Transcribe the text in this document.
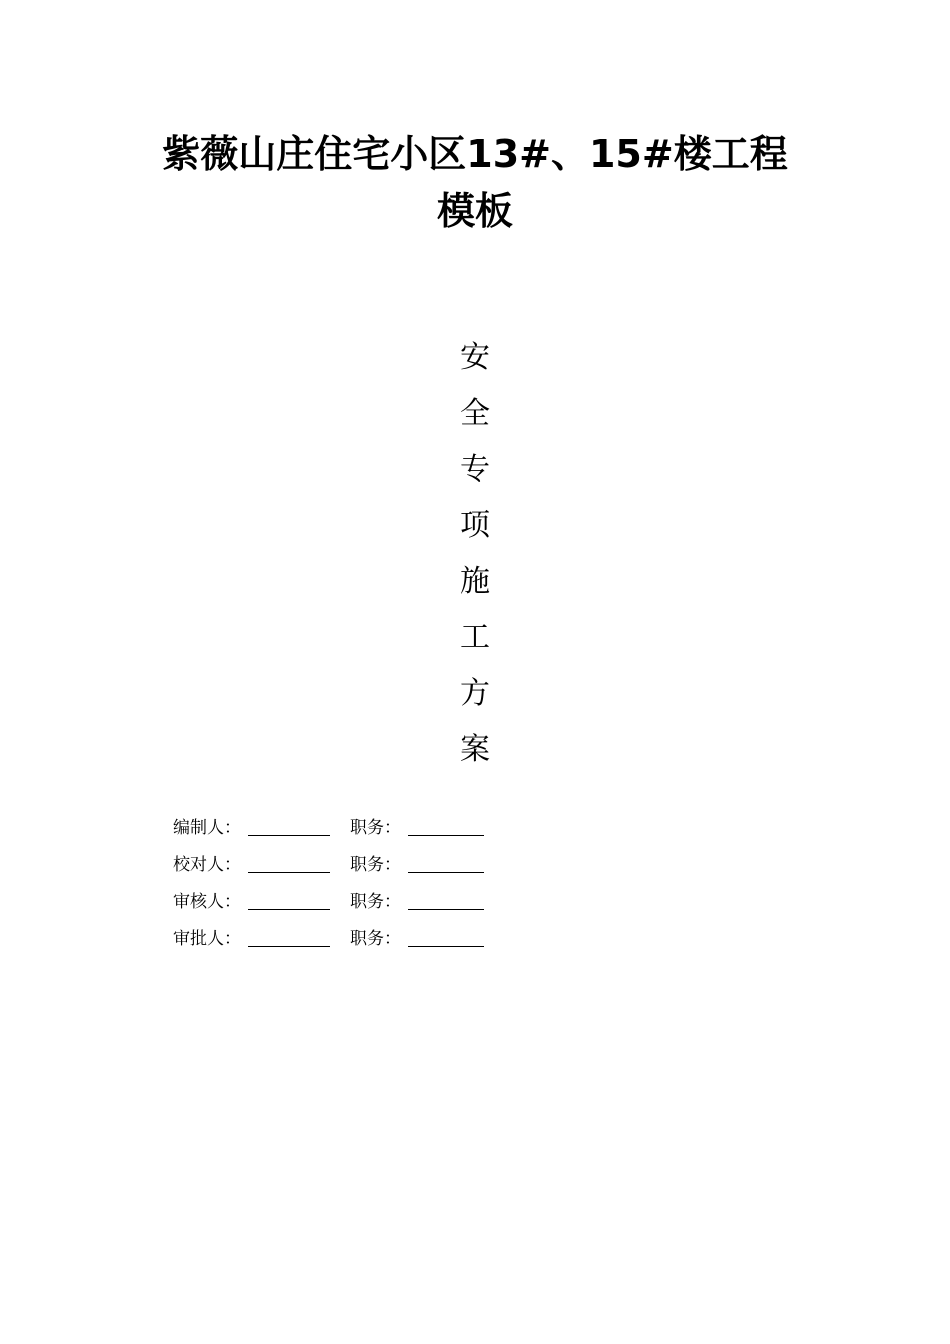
紫薇山庄住宅小区13#、15#楼工程
模板
安
全
专
项
施
工
方
案
编制人：	职务：
校对人：	职务：
审核人：	职务：
审批人：	职务：
